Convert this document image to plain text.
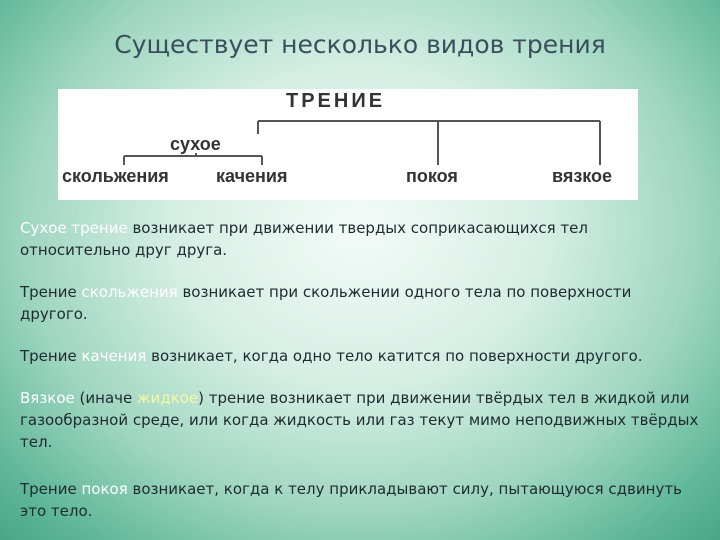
Существует несколько видов трения
ТРЕНИЕ
сухое
скольжения	качения	покоя	вязкое
Сухое трение возникает при движении твердых соприкасающихся тел относительно друг друга.
Трение скольжения возникает при скольжении одного тела по поверхности другого.
Трение качения возникает, когда одно тело катится по поверхности другого.
Вязкое (иначе жидкое) трение возникает при движении твёрдых тел в жидкой или газообразной среде, или когда жидкость или газ текут мимо неподвижных твёрдых тел.
Трение покоя возникает, когда к телу прикладывают силу, пытающуюся сдвинуть это тело.
